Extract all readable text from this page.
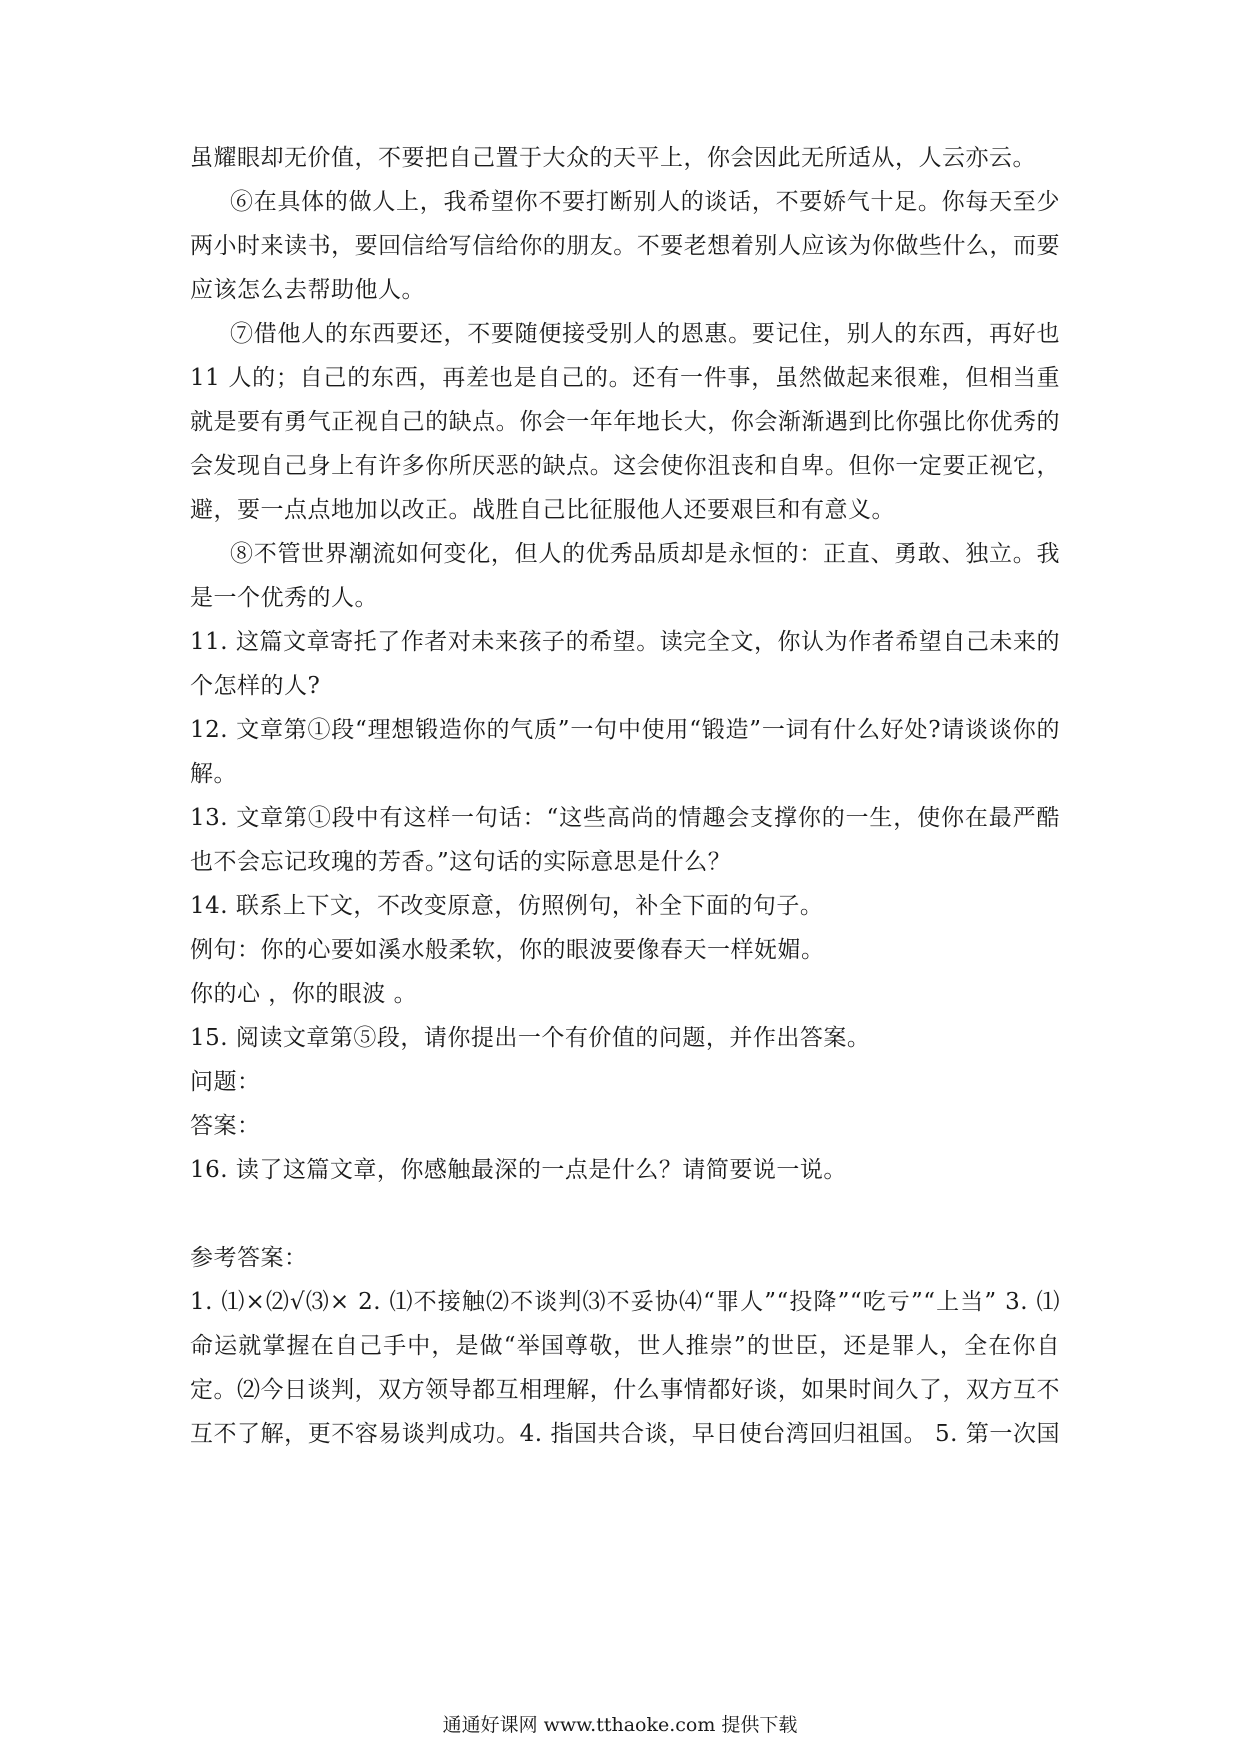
虽耀眼却无价值，不要把自己置于大众的天平上，你会因此无所适从，人云亦云。
⑥在具体的做人上，我希望你不要打断别人的谈话，不要娇气十足。你每天至少
两小时来读书，要回信给写信给你的朋友。不要老想着别人应该为你做些什么，而要
应该怎么去帮助他人。
⑦借他人的东西要还，不要随便接受别人的恩惠。要记住，别人的东西，再好也
11 人的；自己的东西，再差也是自己的。还有一件事，虽然做起来很难，但相当重
就是要有勇气正视自己的缺点。你会一年年地长大，你会渐渐遇到比你强比你优秀的
会发现自己身上有许多你所厌恶的缺点。这会使你沮丧和自卑。但你一定要正视它，
避，要一点点地加以改正。战胜自己比征服他人还要艰巨和有意义。
⑧不管世界潮流如何变化，但人的优秀品质却是永恒的：正直、勇敢、独立。我
是一个优秀的人。
11. 这篇文章寄托了作者对未来孩子的希望。读完全文，你认为作者希望自己未来的
个怎样的人?
12. 文章第①段“理想锻造你的气质”一句中使用“锻造”一词有什么好处?请谈谈你的
解。
13. 文章第①段中有这样一句话：“这些高尚的情趣会支撑你的一生，使你在最严酷
也不会忘记玫瑰的芳香。”这句话的实际意思是什么？
14. 联系上下文，不改变原意，仿照例句，补全下面的句子。
例句：你的心要如溪水般柔软，你的眼波要像春天一样妩媚。
你的心 ，你的眼波 。
15. 阅读文章第⑤段，请你提出一个有价值的问题，并作出答案。
问题：
答案：
16. 读了这篇文章，你感触最深的一点是什么？请简要说一说。
参考答案：
1. ⑴×⑵√⑶× 2. ⑴不接触⑵不谈判⑶不妥协⑷“罪人”“投降”“吃亏”“上当” 3. ⑴
命运就掌握在自己手中，是做“举国尊敬，世人推崇”的世臣，还是罪人，全在你自
定。⑵今日谈判，双方领导都互相理解，什么事情都好谈，如果时间久了，双方互不
互不了解，更不容易谈判成功。4. 指国共合谈，早日使台湾回归祖国。 5. 第一次国
通通好课网 www.tthaoke.com 提供下载
